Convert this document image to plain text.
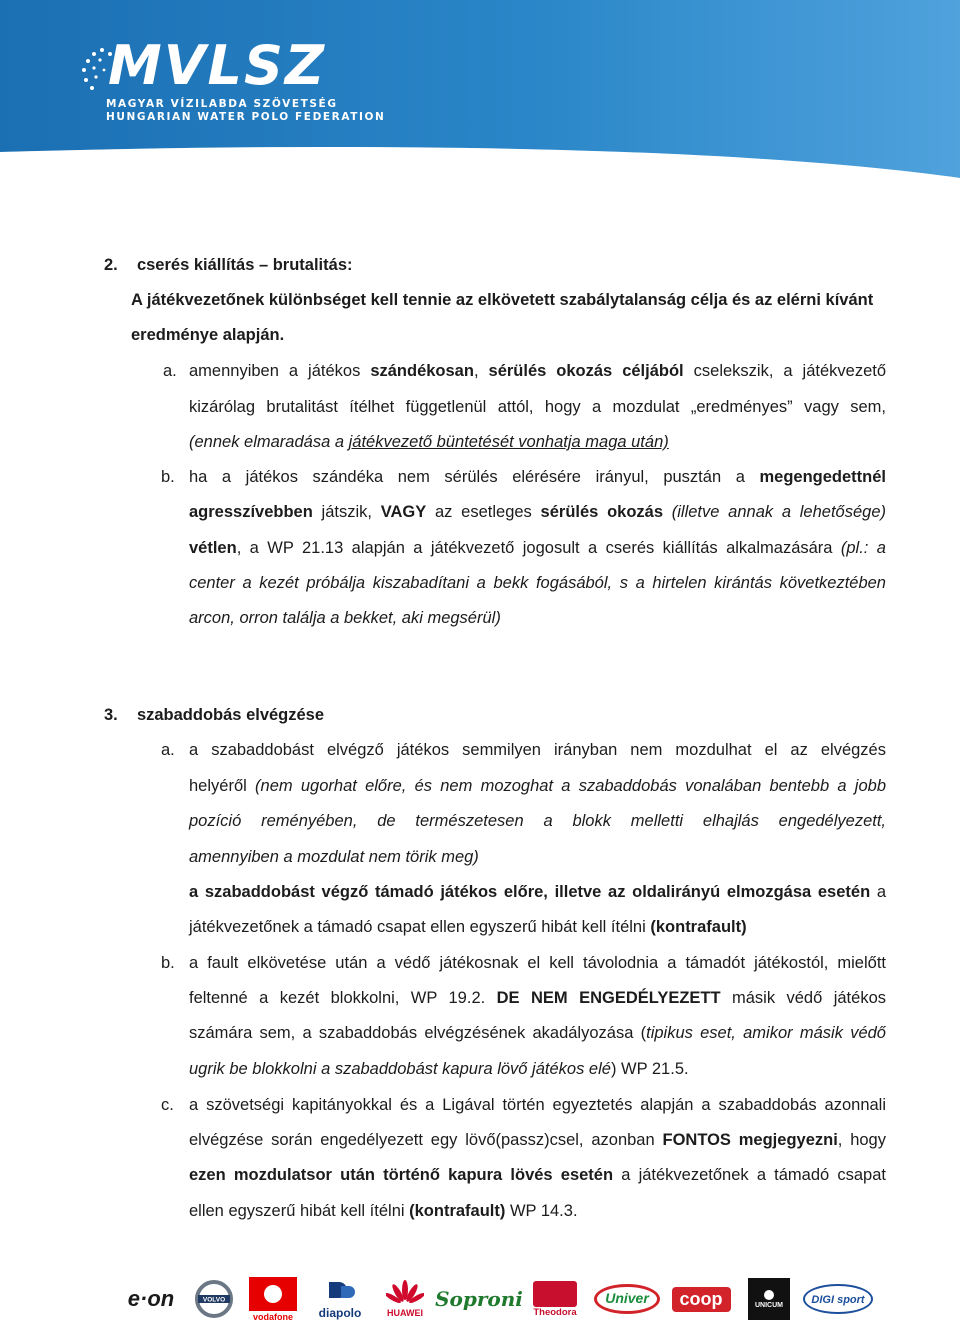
MVLSZ
MAGYAR VÍZILABDA SZÖVETSÉG
HUNGARIAN WATER POLO FEDERATION
2. cserés kiállítás – brutalitás:
A játékvezetőnek különbséget kell tennie az elkövetett szabálytalanság célja és az elérni kívánt
eredménye alapján.
a. amennyiben a játékos szándékosan, sérülés okozás céljából cselekszik, a játékvezető
kizárólag brutalitást ítélhet függetlenül attól, hogy a mozdulat „eredményes” vagy sem,
(ennek elmaradása a játékvezető büntetését vonhatja maga után)
b. ha a játékos szándéka nem sérülés elérésére irányul, pusztán a megengedettnél
agresszívebben játszik, VAGY az esetleges sérülés okozás (illetve annak a lehetősége)
vétlen, a WP 21.13 alapján a játékvezető jogosult a cserés kiállítás alkalmazására (pl.: a
center a kezét próbálja kiszabadítani a bekk fogásából, s a hirtelen kirántás következtében
arcon, orron találja a bekket, aki megsérül)
3. szabaddobás elvégzése
a. a szabaddobást elvégző játékos semmilyen irányban nem mozdulhat el az elvégzés
helyéről (nem ugorhat előre, és nem mozoghat a szabaddobás vonalában bentebb a jobb
pozíció reményében, de természetesen a blokk melletti elhajlás engedélyezett,
amennyiben a mozdulat nem törik meg)
a szabaddobást végző támadó játékos előre, illetve az oldalirányú elmozgása esetén a
játékvezetőnek a támadó csapat ellen egyszerű hibát kell ítélni (kontrafault)
b. a fault elkövetése után a védő játékosnak el kell távolodnia a támadót játékostól, mielőtt
feltenné a kezét blokkolni, WP 19.2. DE NEM ENGEDÉLYEZETT másik védő játékos
számára sem, a szabaddobás elvégzésének akadályozása (tipikus eset, amikor másik védő
ugrik be blokkolni a szabaddobást kapura lövő játékos elé) WP 21.5.
c. a szövetségi kapitányokkal és a Ligával történ egyeztetés alapján a szabaddobás azonnali
elvégzése során engedélyezett egy lövő(passz)csel, azonban FONTOS megjegyezni, hogy
ezen mozdulatsor után történő kapura lövés esetén a játékvezetőnek a támadó csapat
ellen egyszerű hibát kell ítélni (kontrafault) WP 14.3.
e·on	VOLVO
vodafone diapolo	HUAWEI
Soproni
Theodora
Univer	coop	UNICUM	DIGI sport
